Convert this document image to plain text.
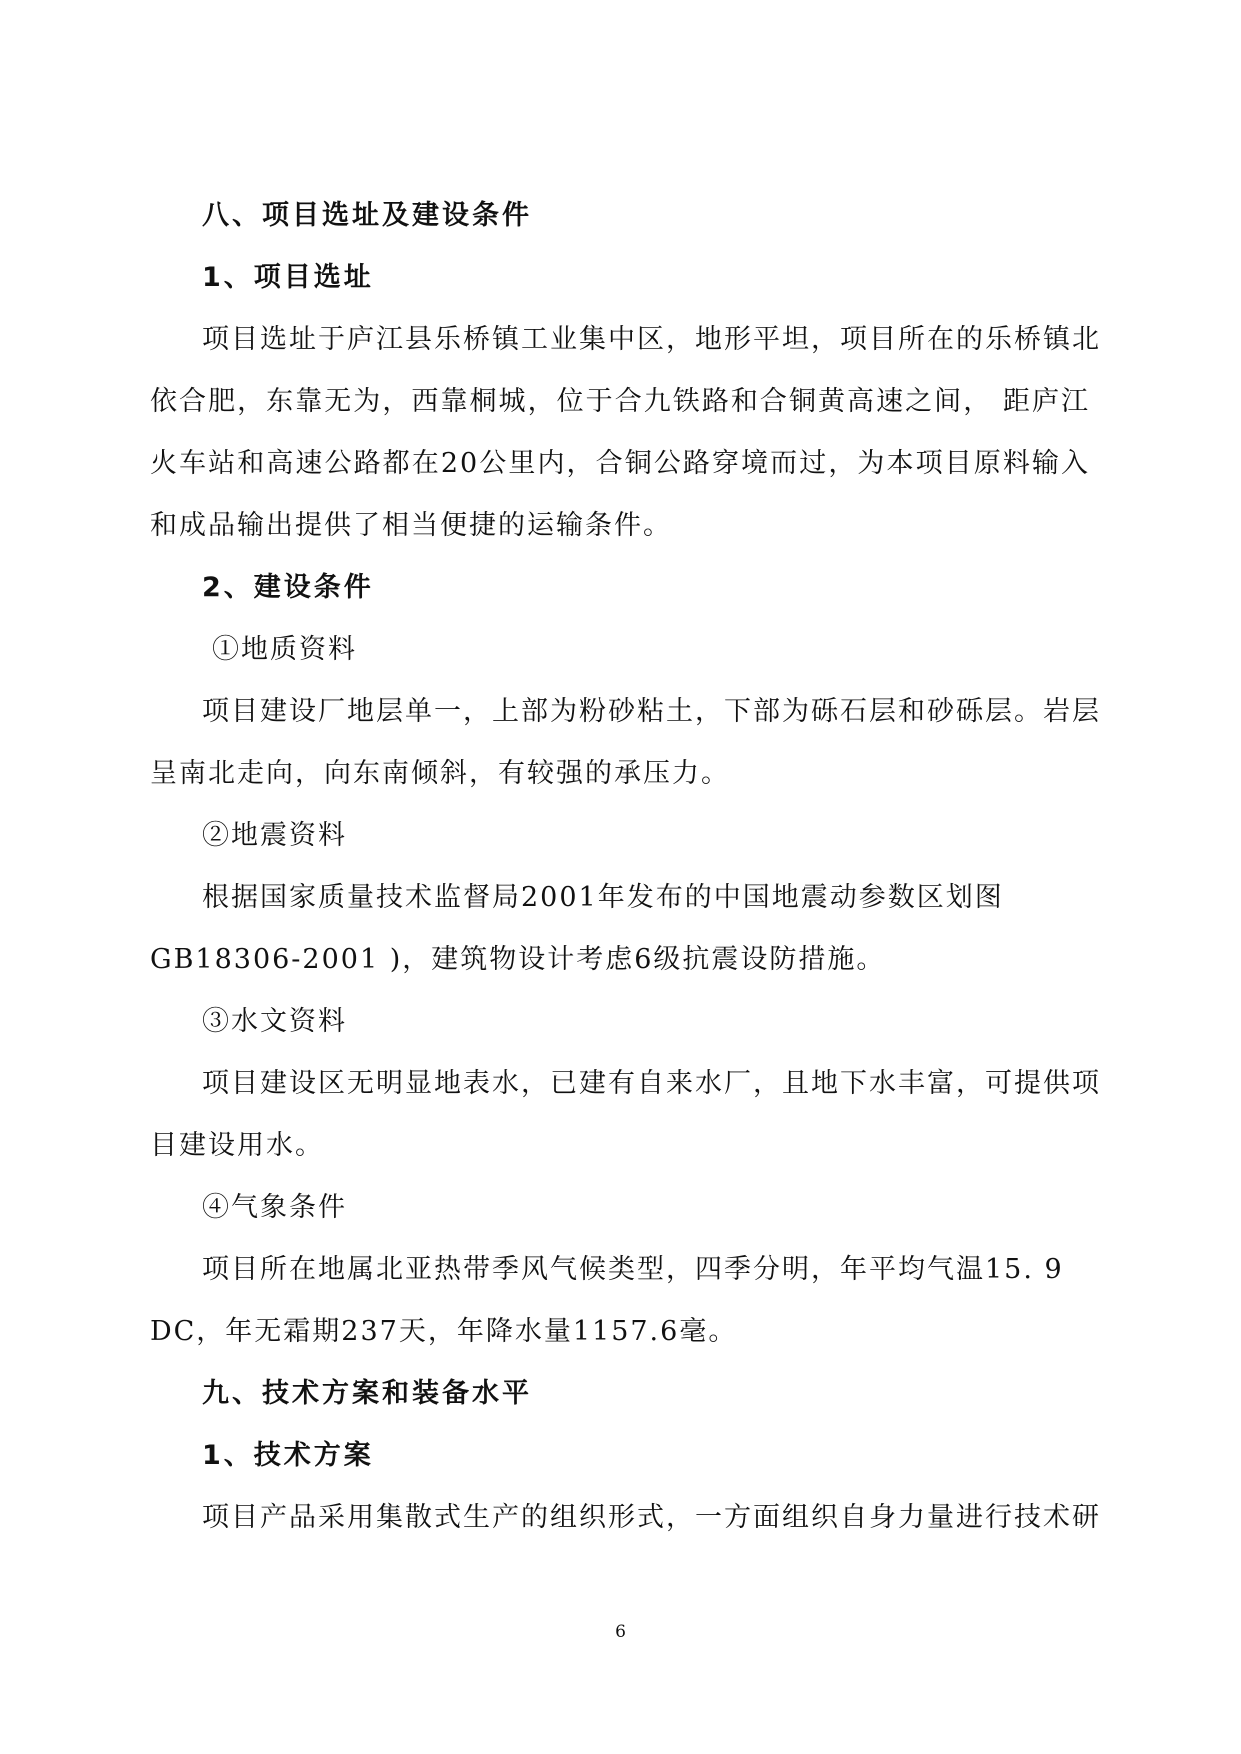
八、项目选址及建设条件
1、项目选址
项目选址于庐江县乐桥镇工业集中区，地形平坦，项目所在的乐桥镇北
依合肥，东靠无为，西靠桐城，位于合九铁路和合铜黄高速之间， 距庐江
火车站和高速公路都在20公里内，合铜公路穿境而过，为本项目原料输入
和成品输出提供了相当便捷的运输条件。
2、建设条件
①地质资料
项目建设厂地层单一，上部为粉砂粘土，下部为砾石层和砂砾层。岩层
呈南北走向，向东南倾斜，有较强的承压力。
②地震资料
根据国家质量技术监督局2001年发布的中国地震动参数区划图
GB18306-2001 )，建筑物设计考虑6级抗震设防措施。
③水文资料
项目建设区无明显地表水，已建有自来水厂，且地下水丰富，可提供项
目建设用水。
④气象条件
项目所在地属北亚热带季风气候类型，四季分明，年平均气温15. 9
DC，年无霜期237天，年降水量1157.6毫。
九、技术方案和装备水平
1、技术方案
项目产品采用集散式生产的组织形式，一方面组织自身力量进行技术研
6
